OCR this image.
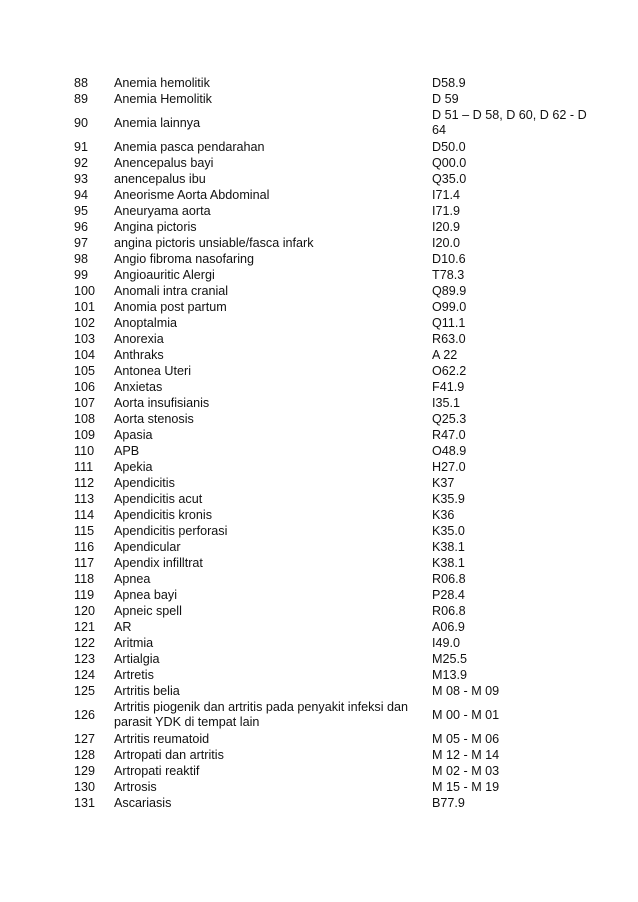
88	Anemia hemolitik	D58.9
89	Anemia Hemolitik	D 59
90	Anemia lainnya	D 51 – D 58, D 60, D 62 - D 64
91	Anemia pasca pendarahan	D50.0
92	Anencepalus bayi	Q00.0
93	anencepalus ibu	Q35.0
94	Aneorisme Aorta Abdominal	I71.4
95	Aneuryama aorta	I71.9
96	Angina pictoris	I20.9
97	angina pictoris unsiable/fasca infark	I20.0
98	Angio fibroma nasofaring	D10.6
99	Angioauritic Alergi	T78.3
100	Anomali intra cranial	Q89.9
101	Anomia post partum	O99.0
102	Anoptalmia	Q11.1
103	Anorexia	R63.0
104	Anthraks	A 22
105	Antonea Uteri	O62.2
106	Anxietas	F41.9
107	Aorta insufisianis	I35.1
108	Aorta stenosis	Q25.3
109	Apasia	R47.0
110	APB	O48.9
111	Apekia	H27.0
112	Apendicitis	K37
113	Apendicitis acut	K35.9
114	Apendicitis kronis	K36
115	Apendicitis perforasi	K35.0
116	Apendicular	K38.1
117	Apendix infilltrat	K38.1
118	Apnea	R06.8
119	Apnea bayi	P28.4
120	Apneic spell	R06.8
121	AR	A06.9
122	Aritmia	I49.0
123	Artialgia	M25.5
124	Artretis	M13.9
125	Artritis belia	M 08 - M 09
126	Artritis piogenik dan artritis pada penyakit infeksi dan parasit YDK di tempat lain	M 00 - M 01
127	Artritis reumatoid	M 05 - M 06
128	Artropati dan artritis	M 12 - M 14
129	Artropati reaktif	M 02 - M 03
130	Artrosis	M 15 - M 19
131	Ascariasis	B77.9
